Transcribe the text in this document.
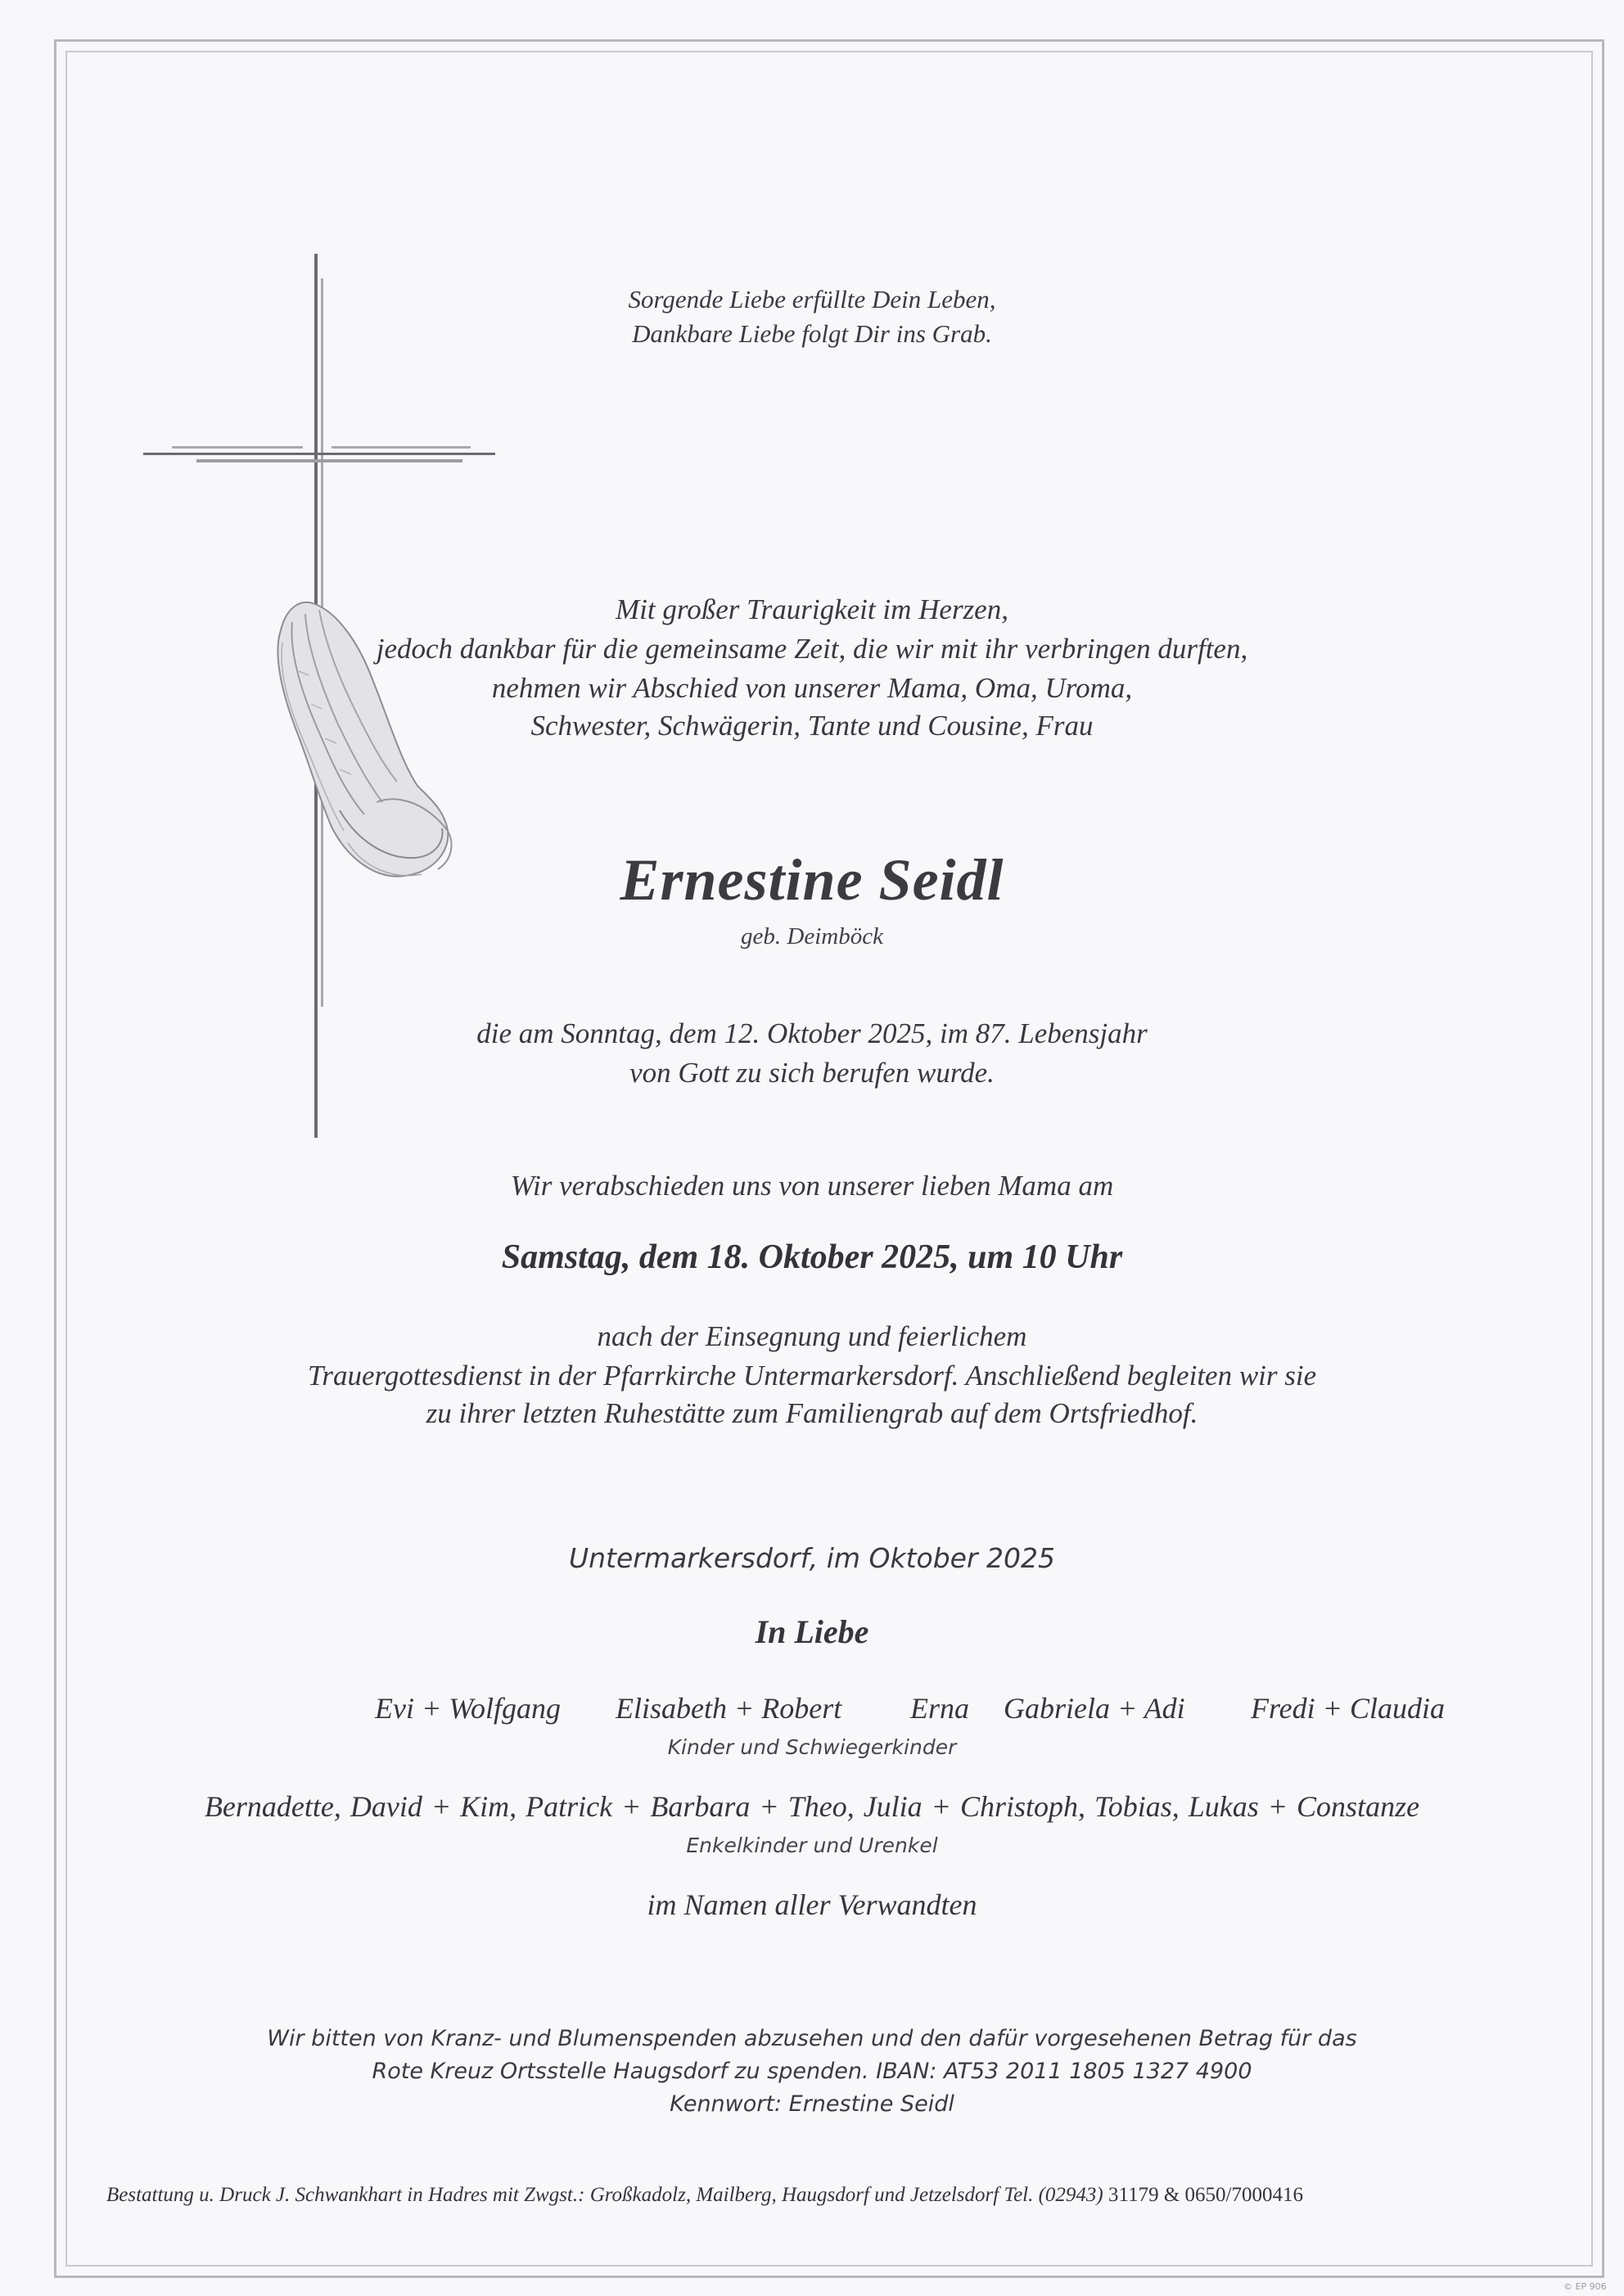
Sorgende Liebe erfüllte Dein Leben,
Dankbare Liebe folgt Dir ins Grab.
Mit großer Traurigkeit im Herzen,
jedoch dankbar für die gemeinsame Zeit, die wir mit ihr verbringen durften,
nehmen wir Abschied von unserer Mama, Oma, Uroma,
Schwester, Schwägerin, Tante und Cousine, Frau
Ernestine Seidl
geb. Deimböck
die am Sonntag, dem 12. Oktober 2025, im 87. Lebensjahr
von Gott zu sich berufen wurde.
Wir verabschieden uns von unserer lieben Mama am
Samstag, dem 18. Oktober 2025, um 10 Uhr
nach der Einsegnung und feierlichem
Trauergottesdienst in der Pfarrkirche Untermarkersdorf. Anschließend begleiten wir sie
zu ihrer letzten Ruhestätte zum Familiengrab auf dem Ortsfriedhof.
Untermarkersdorf, im Oktober 2025
In Liebe
Evi + Wolfgang Elisabeth + Robert Erna Gabriela + Adi Fredi + Claudia
Kinder und Schwiegerkinder
Bernadette, David + Kim, Patrick + Barbara + Theo, Julia + Christoph, Tobias, Lukas + Constanze
Enkelkinder und Urenkel
im Namen aller Verwandten
Wir bitten von Kranz- und Blumenspenden abzusehen und den dafür vorgesehenen Betrag für das
Rote Kreuz Ortsstelle Haugsdorf zu spenden. IBAN: AT53 2011 1805 1327 4900
Kennwort: Ernestine Seidl
Bestattung u. Druck J. Schwankhart in Hadres mit Zwgst.: Großkadolz, Mailberg, Haugsdorf und Jetzelsdorf Tel. (02943) 31179 & 0650/7000416
© EP 906
